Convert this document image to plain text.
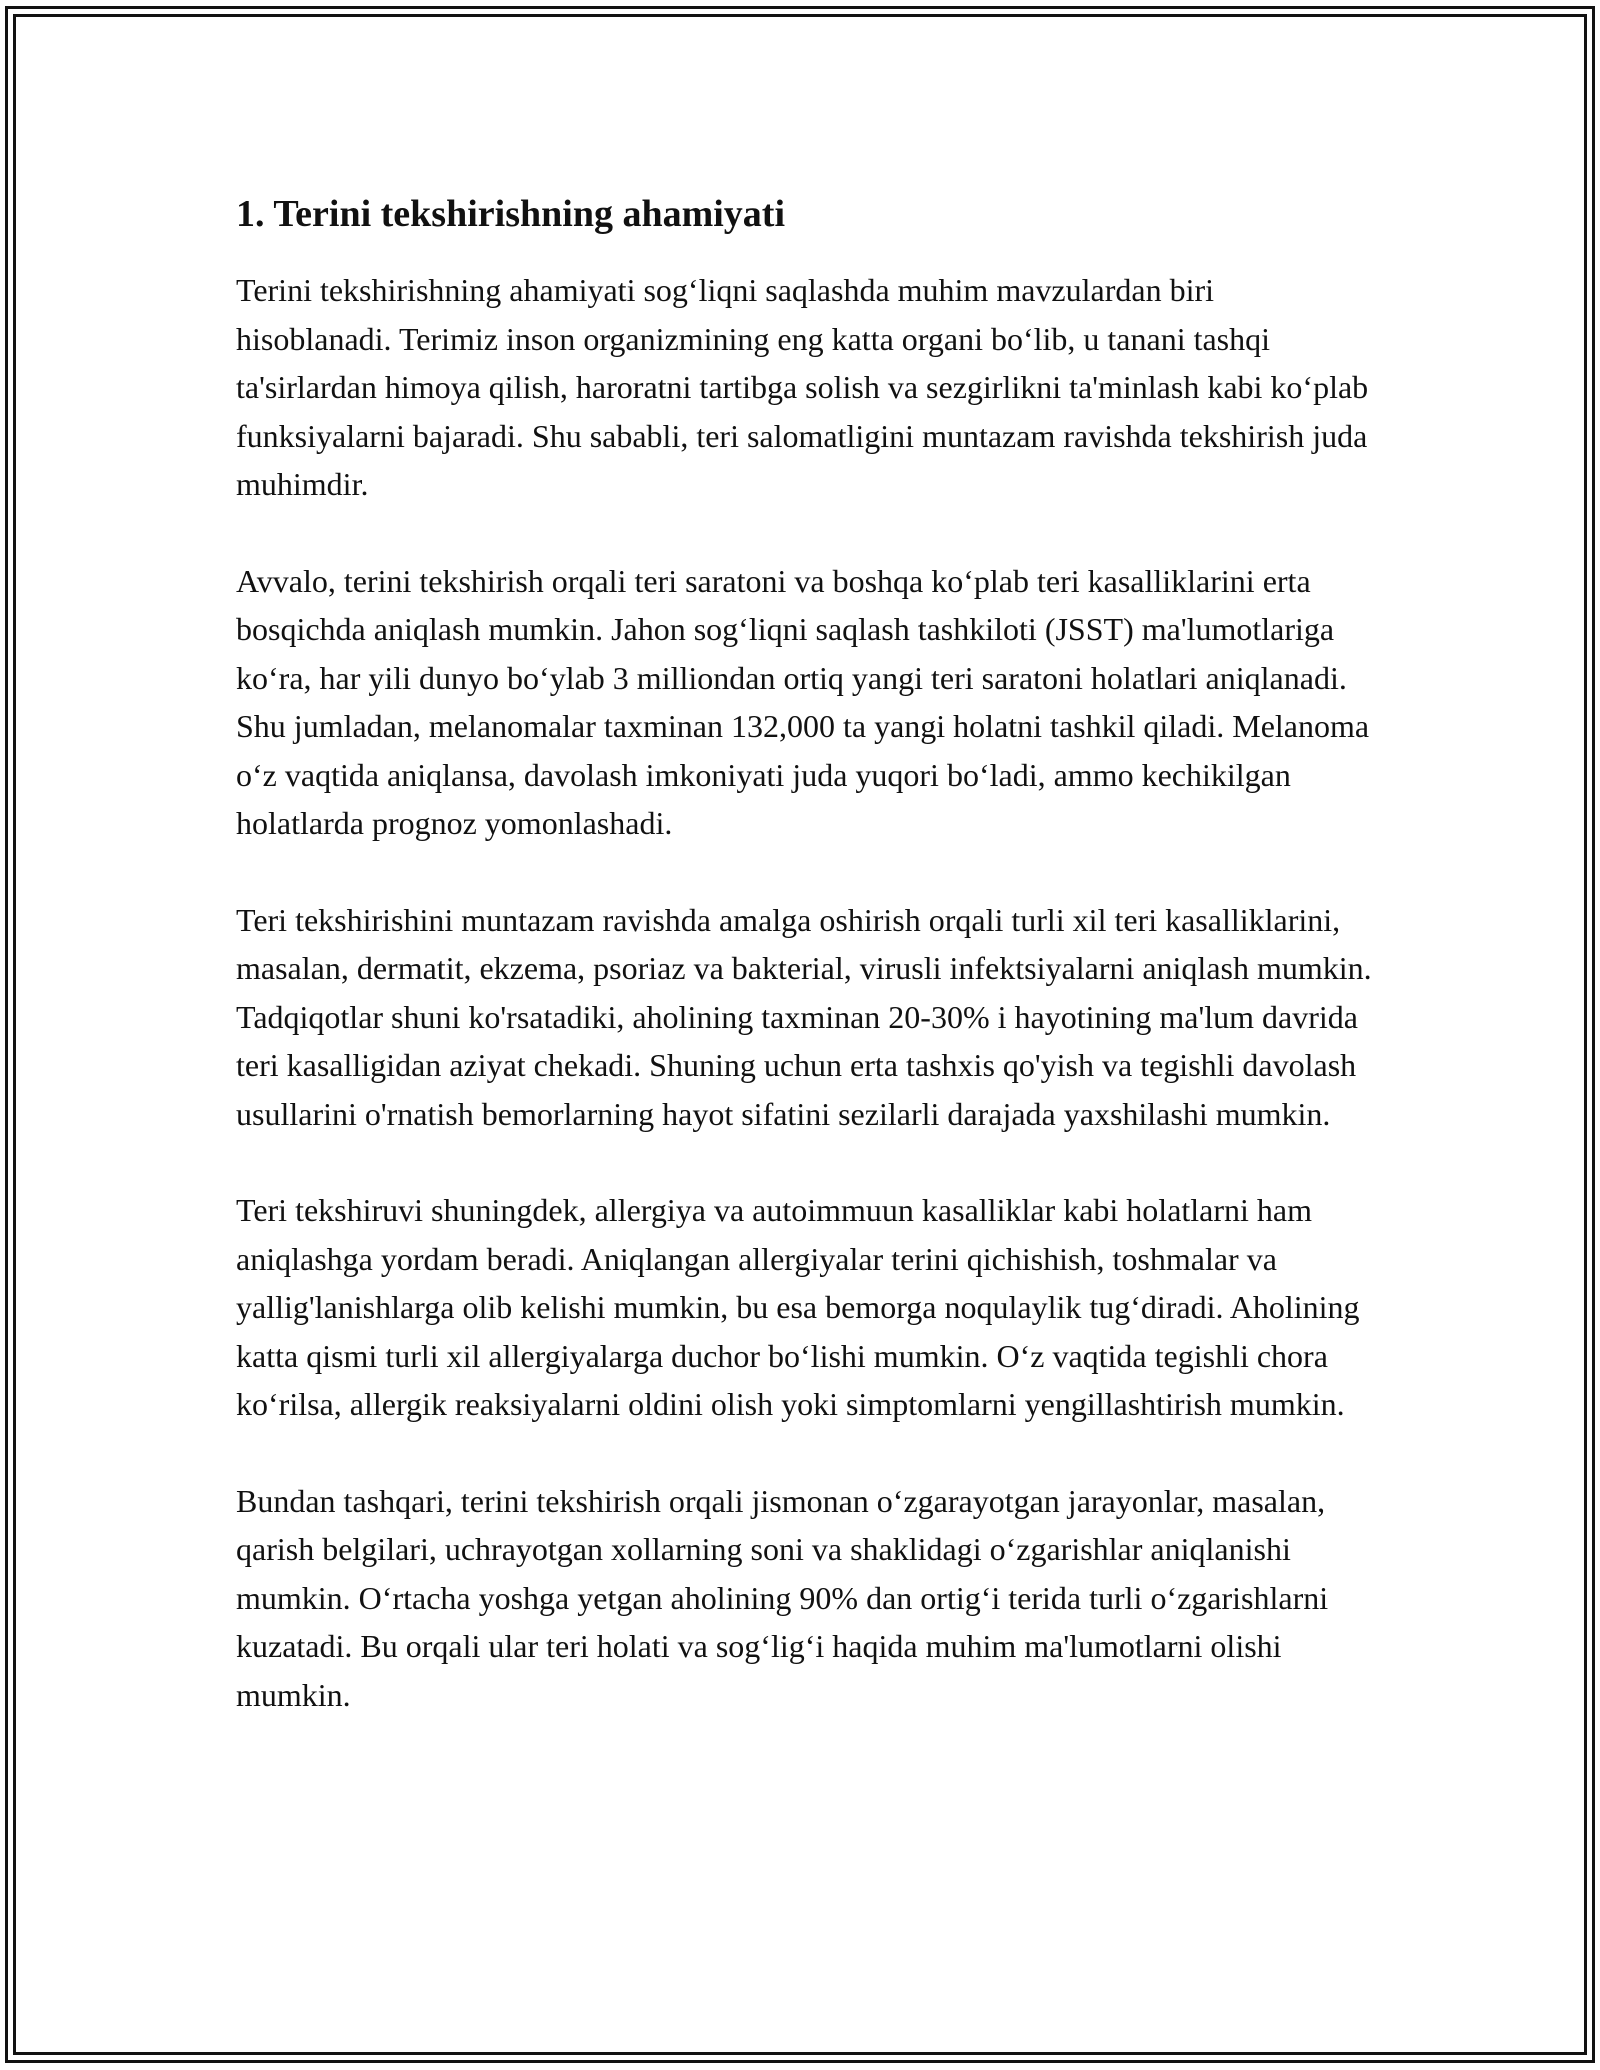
1. Terini tekshirishning ahamiyati

Terini tekshirishning ahamiyati sog‘liqni saqlashda muhim mavzulardan biri hisoblanadi. Terimiz inson organizmining eng katta organi bo‘lib, u tanani tashqi ta'sirlardan himoya qilish, haroratni tartibga solish va sezgirlikni ta'minlash kabi ko‘plab funksiyalarni bajaradi. Shu sababli, teri salomatligini muntazam ravishda tekshirish juda muhimdir.

Avvalo, terini tekshirish orqali teri saratoni va boshqa ko‘plab teri kasalliklarini erta bosqichda aniqlash mumkin. Jahon sog‘liqni saqlash tashkiloti (JSST) ma'lumotlariga ko‘ra, har yili dunyo bo‘ylab 3 milliondan ortiq yangi teri saratoni holatlari aniqlanadi. Shu jumladan, melanomalar taxminan 132,000 ta yangi holatni tashkil qiladi. Melanoma o‘z vaqtida aniqlansa, davolash imkoniyati juda yuqori bo‘ladi, ammo kechikilgan holatlarda prognoz yomonlashadi.

Teri tekshirishini muntazam ravishda amalga oshirish orqali turli xil teri kasalliklarini, masalan, dermatit, ekzema, psoriaz va bakterial, virusli infektsiyalarni aniqlash mumkin. Tadqiqotlar shuni ko'rsatadiki, aholining taxminan 20-30% i hayotining ma'lum davrida teri kasalligidan aziyat chekadi. Shuning uchun erta tashxis qo'yish va tegishli davolash usullarini o'rnatish bemorlarning hayot sifatini sezilarli darajada yaxshilashi mumkin.

Teri tekshiruvi shuningdek, allergiya va autoimmuun kasalliklar kabi holatlarni ham aniqlashga yordam beradi. Aniqlangan allergiyalar terini qichishish, toshmalar va yallig'lanishlarga olib kelishi mumkin, bu esa bemorga noqulaylik tug‘diradi. Aholining katta qismi turli xil allergiyalarga duchor bo‘lishi mumkin. O‘z vaqtida tegishli chora ko‘rilsa, allergik reaksiyalarni oldini olish yoki simptomlarni yengillashtirish mumkin.

Bundan tashqari, terini tekshirish orqali jismonan o‘zgarayotgan jarayonlar, masalan, qarish belgilari, uchrayotgan xollarning soni va shaklidagi o‘zgarishlar aniqlanishi mumkin. O‘rtacha yoshga yetgan aholining 90% dan ortig‘i terida turli o‘zgarishlarni kuzatadi. Bu orqali ular teri holati va sog‘lig‘i haqida muhim ma'lumotlarni olishi mumkin.
